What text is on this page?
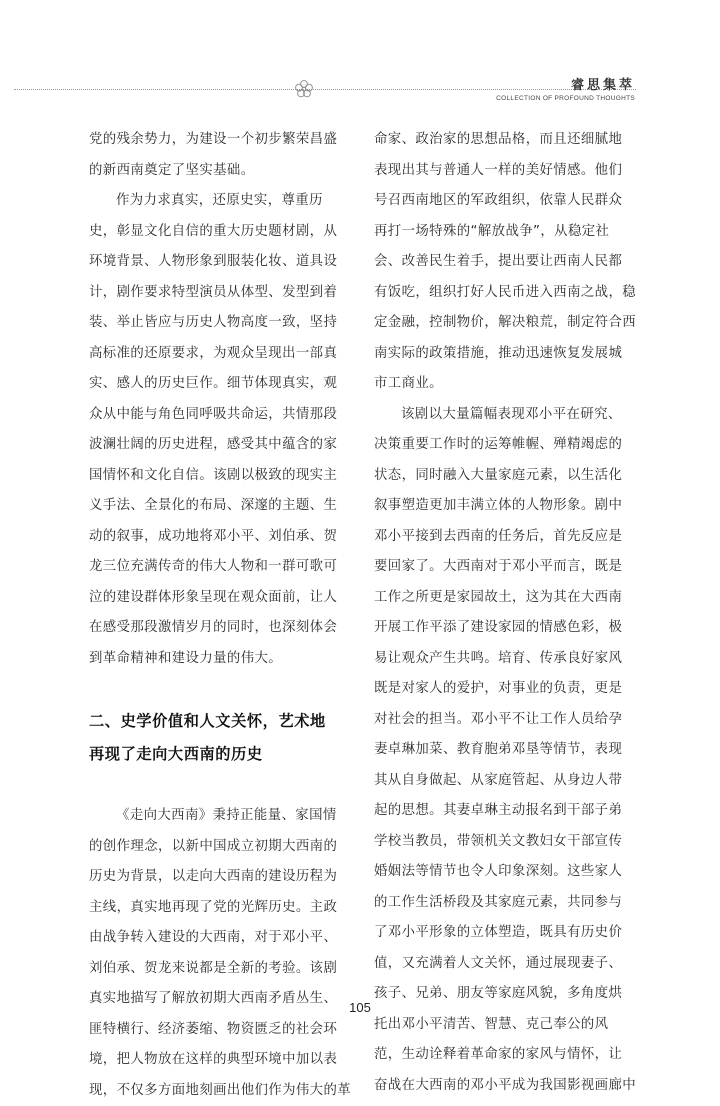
睿思集萃
COLLECTION OF PROFOUND THOUGHTS
党的残余势力，为建设一个初步繁荣昌盛
的新西南奠定了坚实基础。
作为力求真实，还原史实，尊重历
史，彰显文化自信的重大历史题材剧，从
环境背景、人物形象到服装化妆、道具设
计，剧作要求特型演员从体型、发型到着
装、举止皆应与历史人物高度一致，坚持
高标准的还原要求，为观众呈现出一部真
实、感人的历史巨作。细节体现真实，观
众从中能与角色同呼吸共命运，共情那段
波澜壮阔的历史进程，感受其中蕴含的家
国情怀和文化自信。该剧以极致的现实主
义手法、全景化的布局、深邃的主题、生
动的叙事，成功地将邓小平、刘伯承、贺
龙三位充满传奇的伟大人物和一群可歌可
泣的建设群体形象呈现在观众面前，让人
在感受那段激情岁月的同时，也深刻体会
到革命精神和建设力量的伟大。
二、史学价值和人文关怀，艺术地
再现了走向大西南的历史
《走向大西南》秉持正能量、家国情
的创作理念，以新中国成立初期大西南的
历史为背景，以走向大西南的建设历程为
主线，真实地再现了党的光辉历史。主政
由战争转入建设的大西南，对于邓小平、
刘伯承、贺龙来说都是全新的考验。该剧
真实地描写了解放初期大西南矛盾丛生、
匪特横行、经济萎缩、物资匮乏的社会环
境，把人物放在这样的典型环境中加以表
现，不仅多方面地刻画出他们作为伟大的革
命家、政治家的思想品格，而且还细腻地
表现出其与普通人一样的美好情感。他们
号召西南地区的军政组织，依靠人民群众
再打一场特殊的“解放战争”，从稳定社
会、改善民生着手，提出要让西南人民都
有饭吃，组织打好人民币进入西南之战，稳
定金融，控制物价，解决粮荒，制定符合西
南实际的政策措施，推动迅速恢复发展城
市工商业。
该剧以大量篇幅表现邓小平在研究、
决策重要工作时的运筹帷幄、殚精竭虑的
状态，同时融入大量家庭元素，以生活化
叙事塑造更加丰满立体的人物形象。剧中
邓小平接到去西南的任务后，首先反应是
要回家了。大西南对于邓小平而言，既是
工作之所更是家园故土，这为其在大西南
开展工作平添了建设家园的情感色彩，极
易让观众产生共鸣。培育、传承良好家风
既是对家人的爱护，对事业的负责，更是
对社会的担当。邓小平不让工作人员给孕
妻卓琳加菜、教育胞弟邓垦等情节，表现
其从自身做起、从家庭管起、从身边人带
起的思想。其妻卓琳主动报名到干部子弟
学校当教员，带领机关文教妇女干部宣传
婚姻法等情节也令人印象深刻。这些家人
的工作生活桥段及其家庭元素，共同参与
了邓小平形象的立体塑造，既具有历史价
值，又充满着人文关怀，通过展现妻子、
孩子、兄弟、朋友等家庭风貌，多角度烘
托出邓小平清苦、智慧、克己奉公的风
范，生动诠释着革命家的家风与情怀，让
奋战在大西南的邓小平成为我国影视画廊中
105
